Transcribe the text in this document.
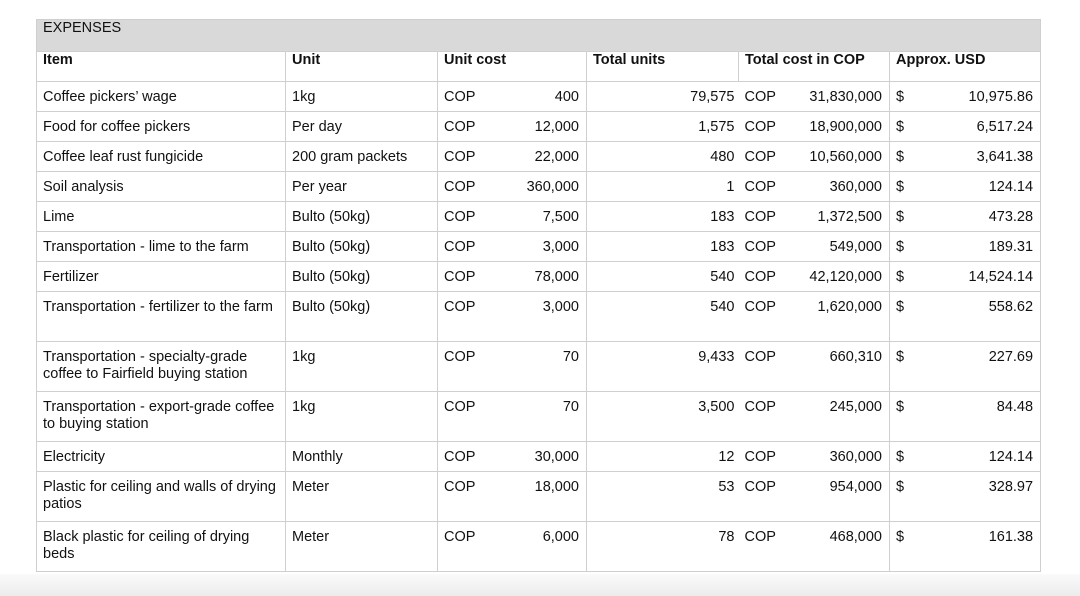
EXPENSES								
Item	Unit	Unit cost		Total units	Total cost in COP		Approx. USD	
Coffee pickers’ wage	1kg	COP	400	79,575	COP	31,830,000	$	10,975.86
Food for coffee pickers	Per day	COP	12,000	1,575	COP	18,900,000	$	6,517.24
Coffee leaf rust fungicide	200 gram packets	COP	22,000	480	COP	10,560,000	$	3,641.38
Soil analysis	Per year	COP	360,000	1	COP	360,000	$	124.14
Lime	Bulto (50kg)	COP	7,500	183	COP	1,372,500	$	473.28
Transportation - lime to the farm	Bulto (50kg)	COP	3,000	183	COP	549,000	$	189.31
Fertilizer	Bulto (50kg)	COP	78,000	540	COP	42,120,000	$	14,524.14
Transportation - fertilizer to the farm	Bulto (50kg)	COP	3,000	540	COP	1,620,000	$	558.62
Transportation - specialty-grade coffee to Fairfield buying station	1kg	COP	70	9,433	COP	660,310	$	227.69
Transportation - export-grade coffee to buying station	1kg	COP	70	3,500	COP	245,000	$	84.48
Electricity	Monthly	COP	30,000	12	COP	360,000	$	124.14
Plastic for ceiling and walls of drying patios	Meter	COP	18,000	53	COP	954,000	$	328.97
Black plastic for ceiling of drying beds	Meter	COP	6,000	78	COP	468,000	$	161.38
